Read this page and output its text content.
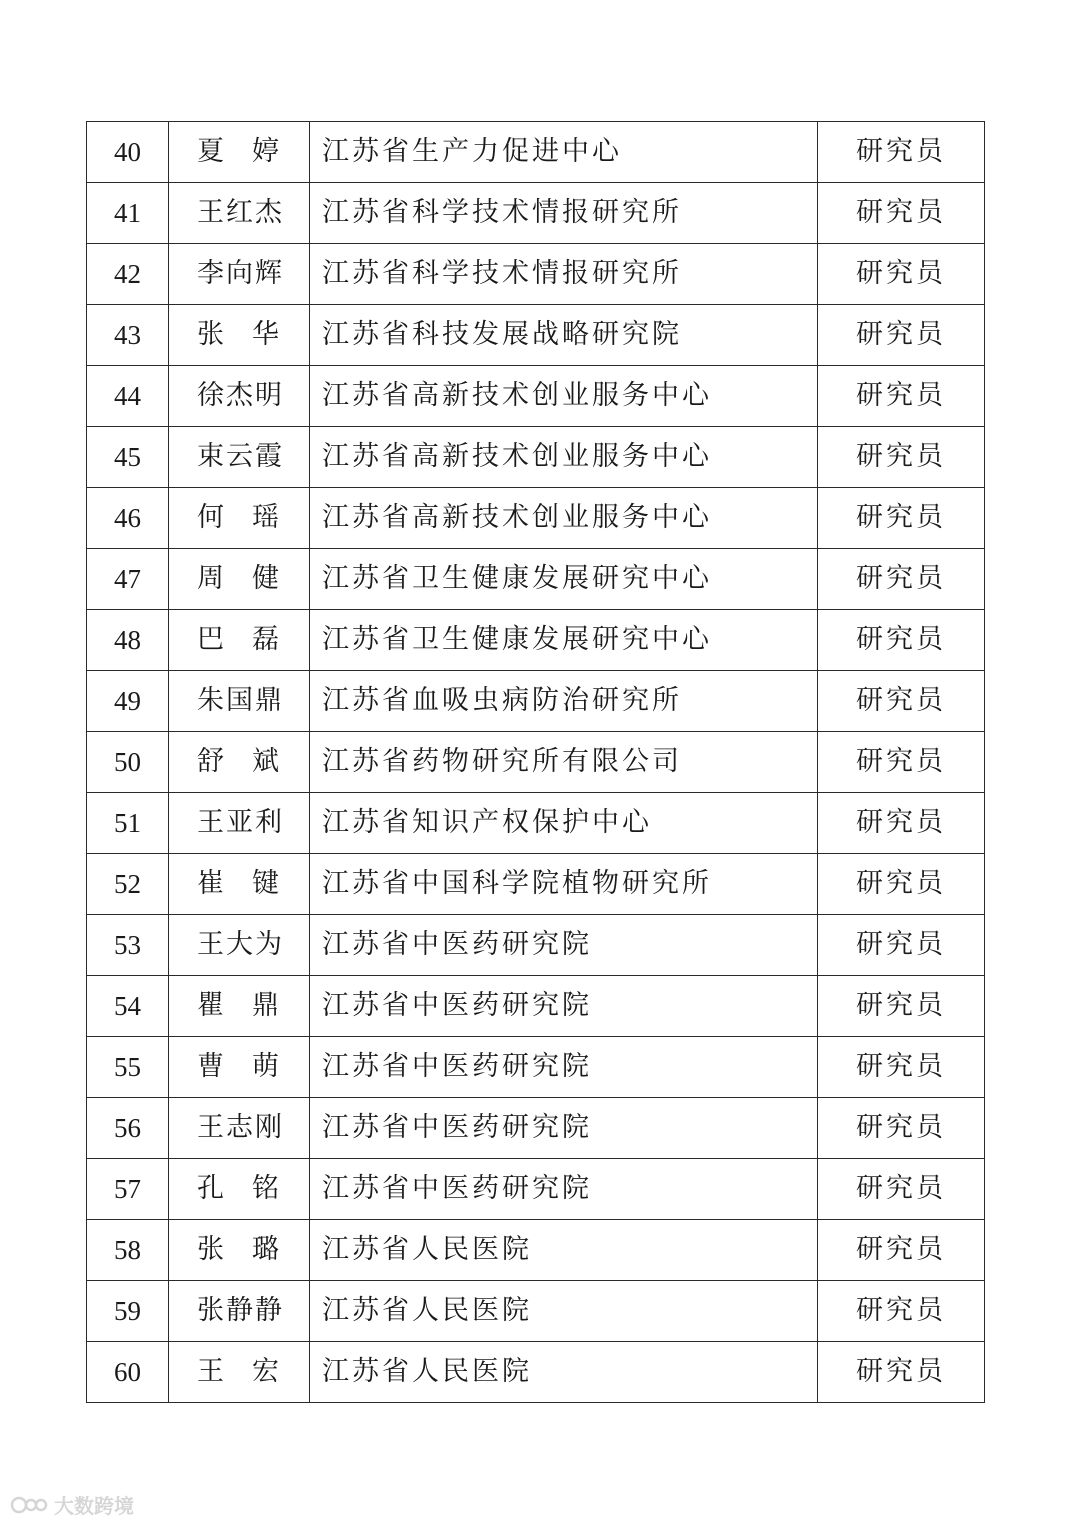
40	夏 婷	江苏省生产力促进中心	研究员
41	王红杰	江苏省科学技术情报研究所	研究员
42	李向辉	江苏省科学技术情报研究所	研究员
43	张 华	江苏省科技发展战略研究院	研究员
44	徐杰明	江苏省高新技术创业服务中心	研究员
45	束云霞	江苏省高新技术创业服务中心	研究员
46	何 瑶	江苏省高新技术创业服务中心	研究员
47	周 健	江苏省卫生健康发展研究中心	研究员
48	巴 磊	江苏省卫生健康发展研究中心	研究员
49	朱国鼎	江苏省血吸虫病防治研究所	研究员
50	舒 斌	江苏省药物研究所有限公司	研究员
51	王亚利	江苏省知识产权保护中心	研究员
52	崔 键	江苏省中国科学院植物研究所	研究员
53	王大为	江苏省中医药研究院	研究员
54	瞿 鼎	江苏省中医药研究院	研究员
55	曹 萌	江苏省中医药研究院	研究员
56	王志刚	江苏省中医药研究院	研究员
57	孔 铭	江苏省中医药研究院	研究员
58	张 璐	江苏省人民医院	研究员
59	张静静	江苏省人民医院	研究员
60	王 宏	江苏省人民医院	研究员
大数跨境
